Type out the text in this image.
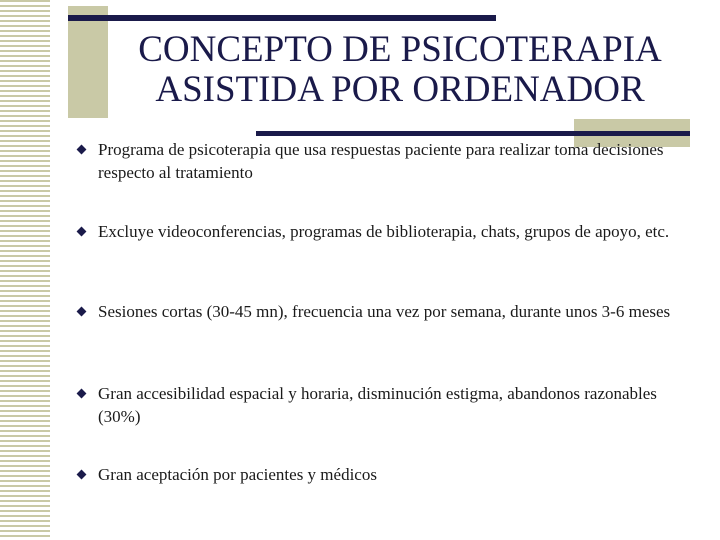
CONCEPTO DE PSICOTERAPIA
ASISTIDA POR ORDENADOR
Programa de psicoterapia que usa respuestas paciente para realizar toma decisiones respecto al tratamiento
Excluye videoconferencias, programas de biblioterapia, chats, grupos de apoyo, etc.
Sesiones cortas (30-45 mn), frecuencia una vez por semana, durante unos 3-6 meses
Gran accesibilidad espacial y horaria, disminución estigma, abandonos razonables (30%)
Gran aceptación por pacientes y médicos
